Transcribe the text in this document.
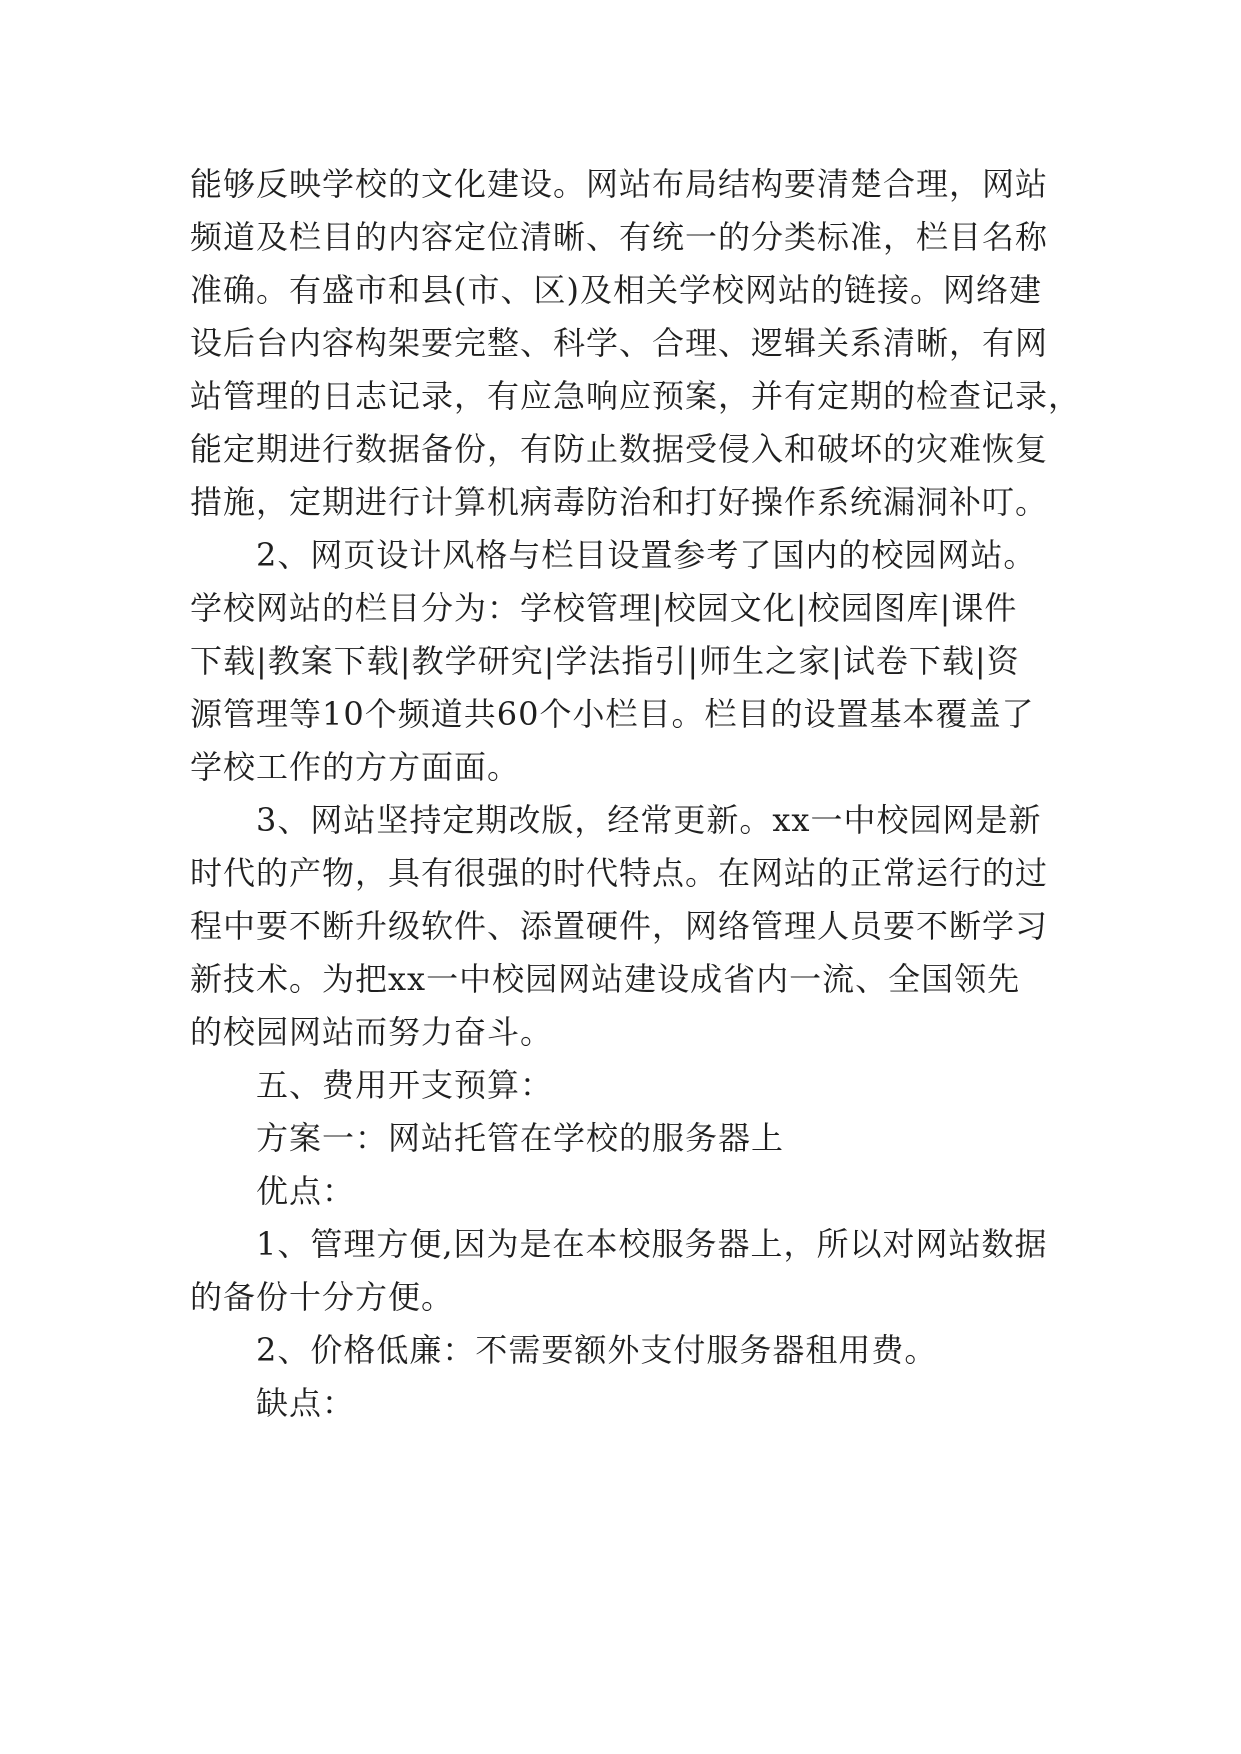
能够反映学校的文化建设。网站布局结构要清楚合理，网站
频道及栏目的内容定位清晰、有统一的分类标准，栏目名称
准确。有盛市和县(市、区)及相关学校网站的链接。网络建
设后台内容构架要完整、科学、合理、逻辑关系清晰，有网
站管理的日志记录，有应急响应预案，并有定期的检查记录，
能定期进行数据备份，有防止数据受侵入和破坏的灾难恢复
措施，定期进行计算机病毒防治和打好操作系统漏洞补叮。
2、网页设计风格与栏目设置参考了国内的校园网站。
学校网站的栏目分为：学校管理|校园文化|校园图库|课件
下载|教案下载|教学研究|学法指引|师生之家|试卷下载|资
源管理等10个频道共60个小栏目。栏目的设置基本覆盖了
学校工作的方方面面。
3、网站坚持定期改版，经常更新。xx一中校园网是新
时代的产物，具有很强的时代特点。在网站的正常运行的过
程中要不断升级软件、添置硬件，网络管理人员要不断学习
新技术。为把xx一中校园网站建设成省内一流、全国领先
的校园网站而努力奋斗。
五、费用开支预算：
方案一：网站托管在学校的服务器上
优点：
1、管理方便,因为是在本校服务器上，所以对网站数据
的备份十分方便。
2、价格低廉：不需要额外支付服务器租用费。
缺点：
